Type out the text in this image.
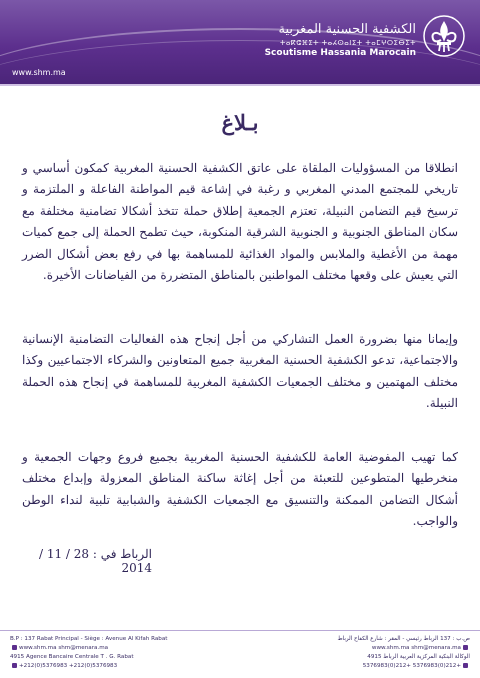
الكشفية الحسنية المغربية
ⵜⴰⴽⵛⴼⵉⵜ ⵜⴰⵃⵙⴰⵏⵉⵜ ⵜⴰⵎⵖⵔⵉⴱⵉⵜ
Scoutisme Hassania Marocain
www.shm.ma
بـلاغ
انطلاقا من المسؤوليات الملقاة على عاتق الكشفية الحسنية المغربية كمكون أساسي و تاريخي للمجتمع المدني المغربي و رغبة في إشاعة قيم المواطنة الفاعلة و الملتزمة و ترسيخ قيم التضامن النبيلة، تعتزم الجمعية إطلاق حملة تتخذ أشكالا تضامنية مختلفة مع سكان المناطق الجنوبية و الجنوبية الشرقية المنكوبة، حيث تطمح الحملة إلى جمع كميات مهمة من الأغطية والملابس والمواد الغذائية للمساهمة بها في رفع بعض أشكال الضرر التي يعيش على وقعها مختلف المواطنين بالمناطق المتضررة من الفياضانات الأخيرة.
وإيمانا منها بضرورة العمل التشاركي من أجل إنجاح هذه الفعاليات التضامنية الإنسانية والاجتماعية، تدعو الكشفية الحسنية المغربية جميع المتعاونين والشركاء الاجتماعيين وكذا مختلف المهتمين و مختلف الجمعيات الكشفية المغربية للمساهمة في إنجاح هذه الحملة النبيلة.
كما تهيب المفوضية العامة للكشفية الحسنية المغربية بجميع فروع وجهات الجمعية و منخرطيها المتطوعين للتعبئة من أجل إغاثة ساكنة المناطق المعزولة وإبداع مختلف أشكال التضامن الممكنة والتنسيق مع الجمعيات الكشفية والشبابية تلبية لنداء الوطن والواجب.
الرباط في : 28 / 11 / 2014
B.P : 137 Rabat Principal - Siège : Avenue Al Kifah Rabat
www.shm.ma shm@menara.ma
4915 Agence Bancaire Centrale T . G. Rabat
+212(0)5376983 +212(0)5376983
ص.ب : 137 الرباط رئيسي - المقر : شارع الكفاح الرباط
www.shm.ma shm@menara.ma
الوكالة البنكية المركزية العربية الرباط 4915
+212(0)5376983 +212(0)5376983
